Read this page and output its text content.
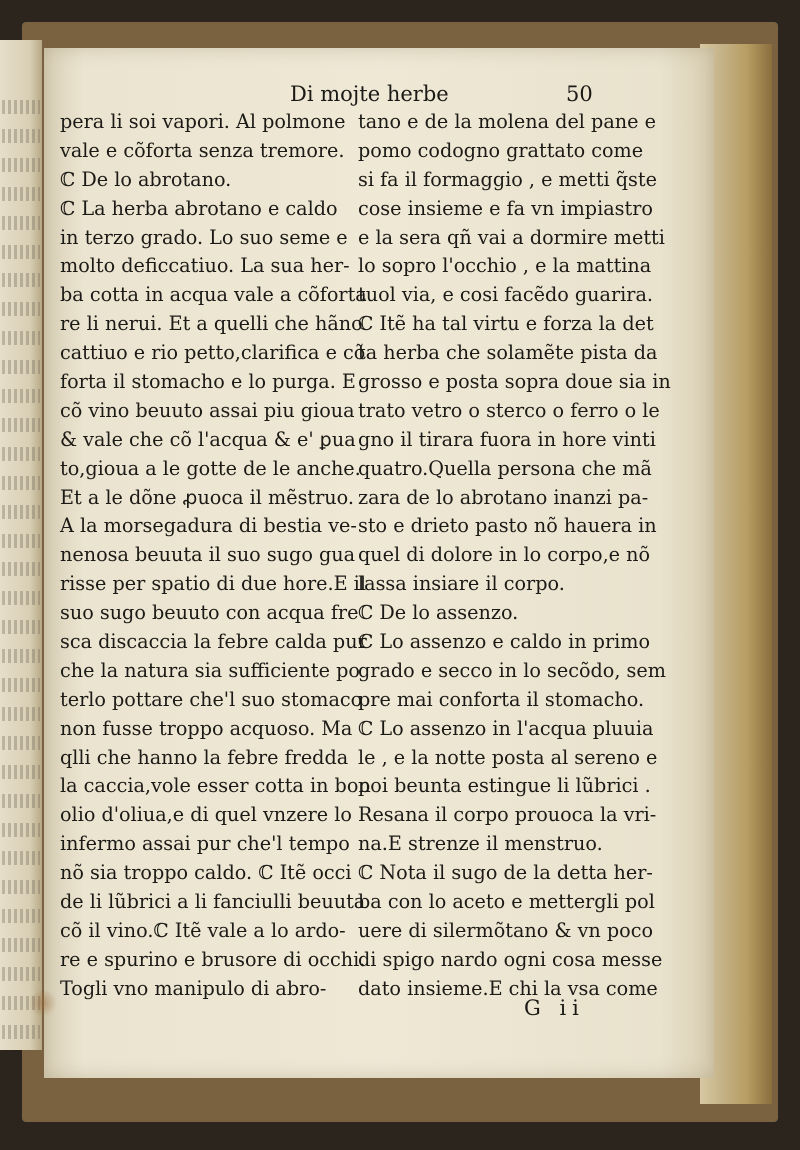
Di mojte herbe	50
pera li soi vapori. Al polmone
vale e cõforta senza tremore.
ℂ De lo abrotano.
ℂ La herba abrotano e caldo
in terzo grado. Lo suo seme e
molto deficcatiuo. La sua her-
ba cotta in acqua vale a cõforta
re li nerui. Et a quelli che hãno
cattiuo e rio petto,clarifica e cõ
forta il stomacho e lo purga. E
cõ vino beuuto assai piu gioua
& vale che cõ l'acqua & e' ꝑua
to,gioua a le gotte de le anche.
Et a le dõne ꝓuoca il mẽstruo.
A la morsegadura di bestia ve-
nenosa beuuta il suo sugo gua
risse per spatio di due hore.E il
suo sugo beuuto con acqua fre
sca discaccia la febre calda pur
che la natura sia sufficiente po
terlo pottare che'l suo stomaco
non fusse troppo acquoso. Ma
qlli che hanno la febre fredda
la caccia,vole esser cotta in bon
olio d'oliua,e di quel vnzere lo
infermo assai pur che'l tempo
nõ sia troppo caldo. ℂ Itẽ occi
de li lũbrici a li fanciulli beuuta
cõ il vino.ℂ Itẽ vale a lo ardo-
re e spurino e brusore di occhi.
Togli vno manipulo di abro-
tano e de la molena del pane e
pomo codogno grattato come
si fa il formaggio , e metti q̃ste
cose insieme e fa vn impiastro
e la sera qñ vai a dormire metti
lo sopro l'occhio , e la mattina
tuol via, e cosi facẽdo guarira.
ℂ Itẽ ha tal virtu e forza la det
ta herba che solamẽte pista da
grosso e posta sopra doue sia in
trato vetro o sterco o ferro o le
gno il tirara fuora in hore vinti
quatro.Quella persona che mã
zara de lo abrotano inanzi pa-
sto e drieto pasto nõ hauera in
quel di dolore in lo corpo,e nõ
lassa insiare il corpo.
ℂ De lo assenzo.
ℂ Lo assenzo e caldo in primo
grado e secco in lo secõdo, sem
pre mai conforta il stomacho.
ℂ Lo assenzo in l'acqua pluuia
le , e la notte posta al sereno e
poi beunta estingue li lũbrici .
Resana il corpo prouoca la vri-
na.E strenze il menstruo.
ℂ Nota il sugo de la detta her-
ba con lo aceto e mettergli pol
uere di silermõtano & vn poco
di spigo nardo ogni cosa messe
dato insieme.E chi la vsa come
G ii
